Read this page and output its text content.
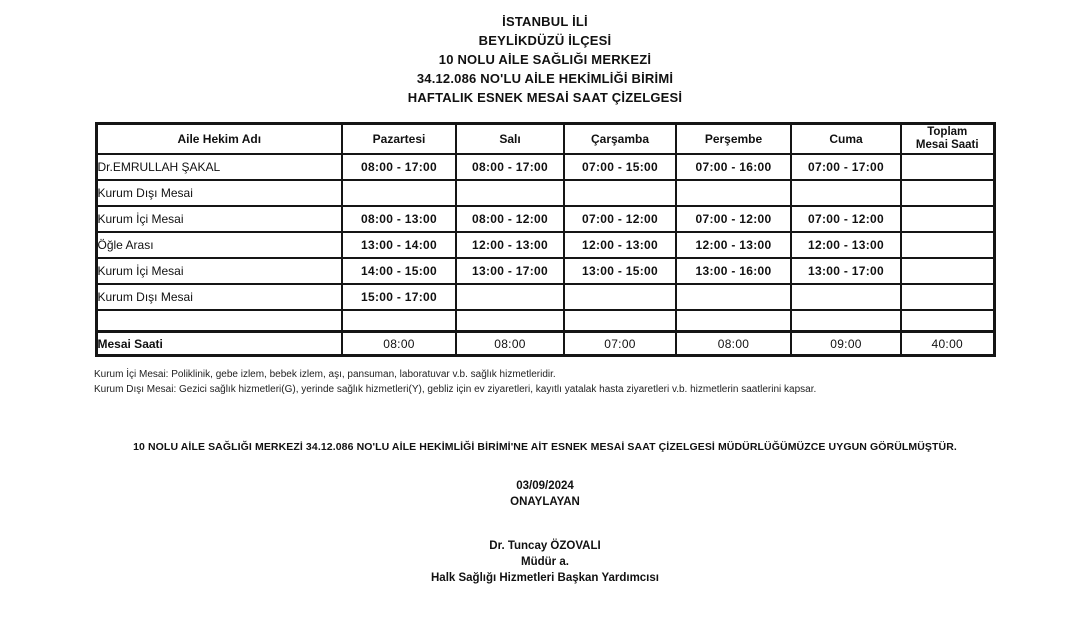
İSTANBUL İLİ
BEYLİKDÜZÜ İLÇESİ
10 NOLU AİLE SAĞLIĞI MERKEZİ
34.12.086 NO'LU AİLE HEKİMLİĞİ BİRİMİ
HAFTALIK ESNEK MESAİ SAAT ÇİZELGESİ
Aile Hekim Adı	Pazartesi	Salı	Çarşamba	Perşembe	Cuma	Toplam Mesai Saati
Dr.EMRULLAH ŞAKAL	08:00 - 17:00	08:00 - 17:00	07:00 - 15:00	07:00 - 16:00	07:00 - 17:00	
Kurum Dışı Mesai						
Kurum İçi Mesai	08:00 - 13:00	08:00 - 12:00	07:00 - 12:00	07:00 - 12:00	07:00 - 12:00	
Öğle Arası	13:00 - 14:00	12:00 - 13:00	12:00 - 13:00	12:00 - 13:00	12:00 - 13:00	
Kurum İçi Mesai	14:00 - 15:00	13:00 - 17:00	13:00 - 15:00	13:00 - 16:00	13:00 - 17:00	
Kurum Dışı Mesai	15:00 - 17:00					

Mesai Saati	08:00	08:00	07:00	08:00	09:00	40:00
Kurum İçi Mesai: Poliklinik, gebe izlem, bebek izlem, aşı, pansuman, laboratuvar v.b. sağlık hizmetleridir.
Kurum Dışı Mesai: Gezici sağlık hizmetleri(G), yerinde sağlık hizmetleri(Y), gebliz için ev ziyaretleri, kayıtlı yatalak hasta ziyaretleri v.b. hizmetlerin saatlerini kapsar.
10 NOLU AİLE SAĞLIĞI MERKEZİ 34.12.086 NO'LU AİLE HEKİMLİĞİ BİRİMİ'NE AİT ESNEK MESAİ SAAT ÇİZELGESİ MÜDÜRLÜĞÜMÜZCE UYGUN GÖRÜLMÜŞTÜR.
03/09/2024
ONAYLAYAN
Dr. Tuncay ÖZOVALI
Müdür a.
Halk Sağlığı Hizmetleri Başkan Yardımcısı
